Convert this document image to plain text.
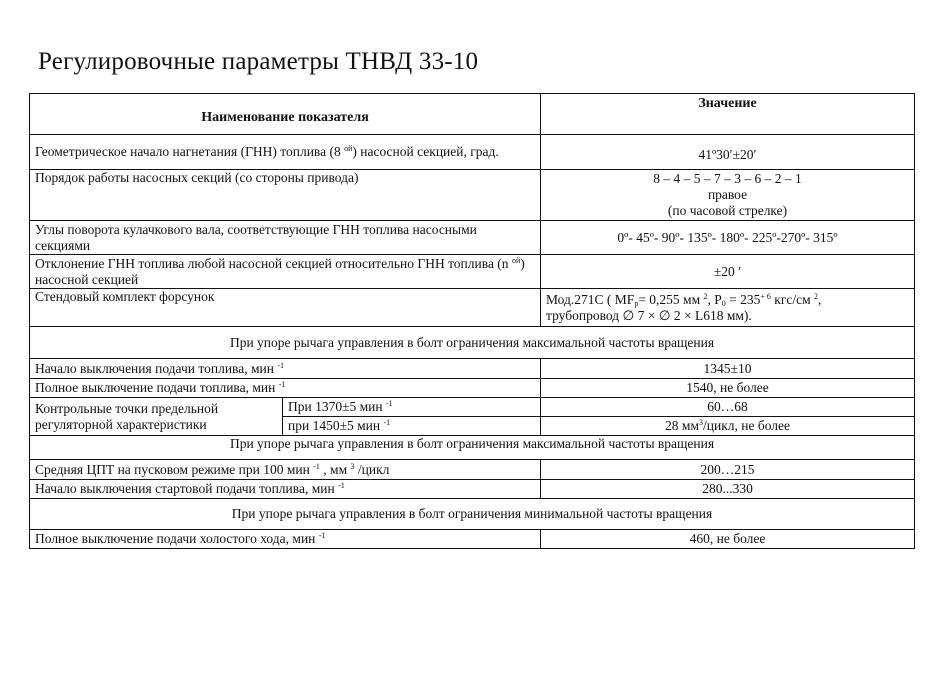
Регулировочные параметры ТНВД 33-10
Наименование показателя		Значение
Геометрическое начало нагнетания (ГНН) топлива (8 $^{ой}$) насосной секцией, град.		41º30′±20′
Порядок работы насосных секций (со стороны привода)		8 – 4 – 5 – 7 – 3 – 6 – 2 – 1
правое
(по часовой стрелке)

Углы поворота кулачкового вала, соответствующие ГНН топлива насосными секциями		0º- 45º- 90º- 135º- 180º- 225º-270º- 315º
Отклонение ГНН топлива любой насосной секцией относительно ГНН топлива (n $^{ой}$) насосной секцией		±20 ′
Стендовый комплект форсунок		Мод.271С ( $МF_p= 0,255$ мм $^2$, $P_0 = 235^{+ 6}$ кгс/см $^2$,
трубопровод ∅ 7 × ∅ 2 × L618 мм).

При упоре рычага управления в болт ограничения максимальной частоты вращения		
Начало выключения подачи топлива, мин $^{-1}$		1345±10
Полное выключение подачи топлива, мин $^{-1}$		1540, не более
Контрольные точки предельной регуляторной характеристики	При 1370±5 мин $^{-1}$	60…68
	при 1450±5 мин $^{-1}$	28 $мм^3$/цикл, не более
При упоре рычага управления в болт ограничения максимальной частоты вращения		
Средняя ЦПТ на пусковом режиме при 100 мин $^{-1}$ , мм $^3$ /цикл		200…215
Начало выключения стартовой подачи топлива, мин $^{-1}$		280...330
При упоре рычага управления в болт ограничения минимальной частоты вращения		
Полное выключение подачи холостого хода, мин $^{-1}$		460, не более
